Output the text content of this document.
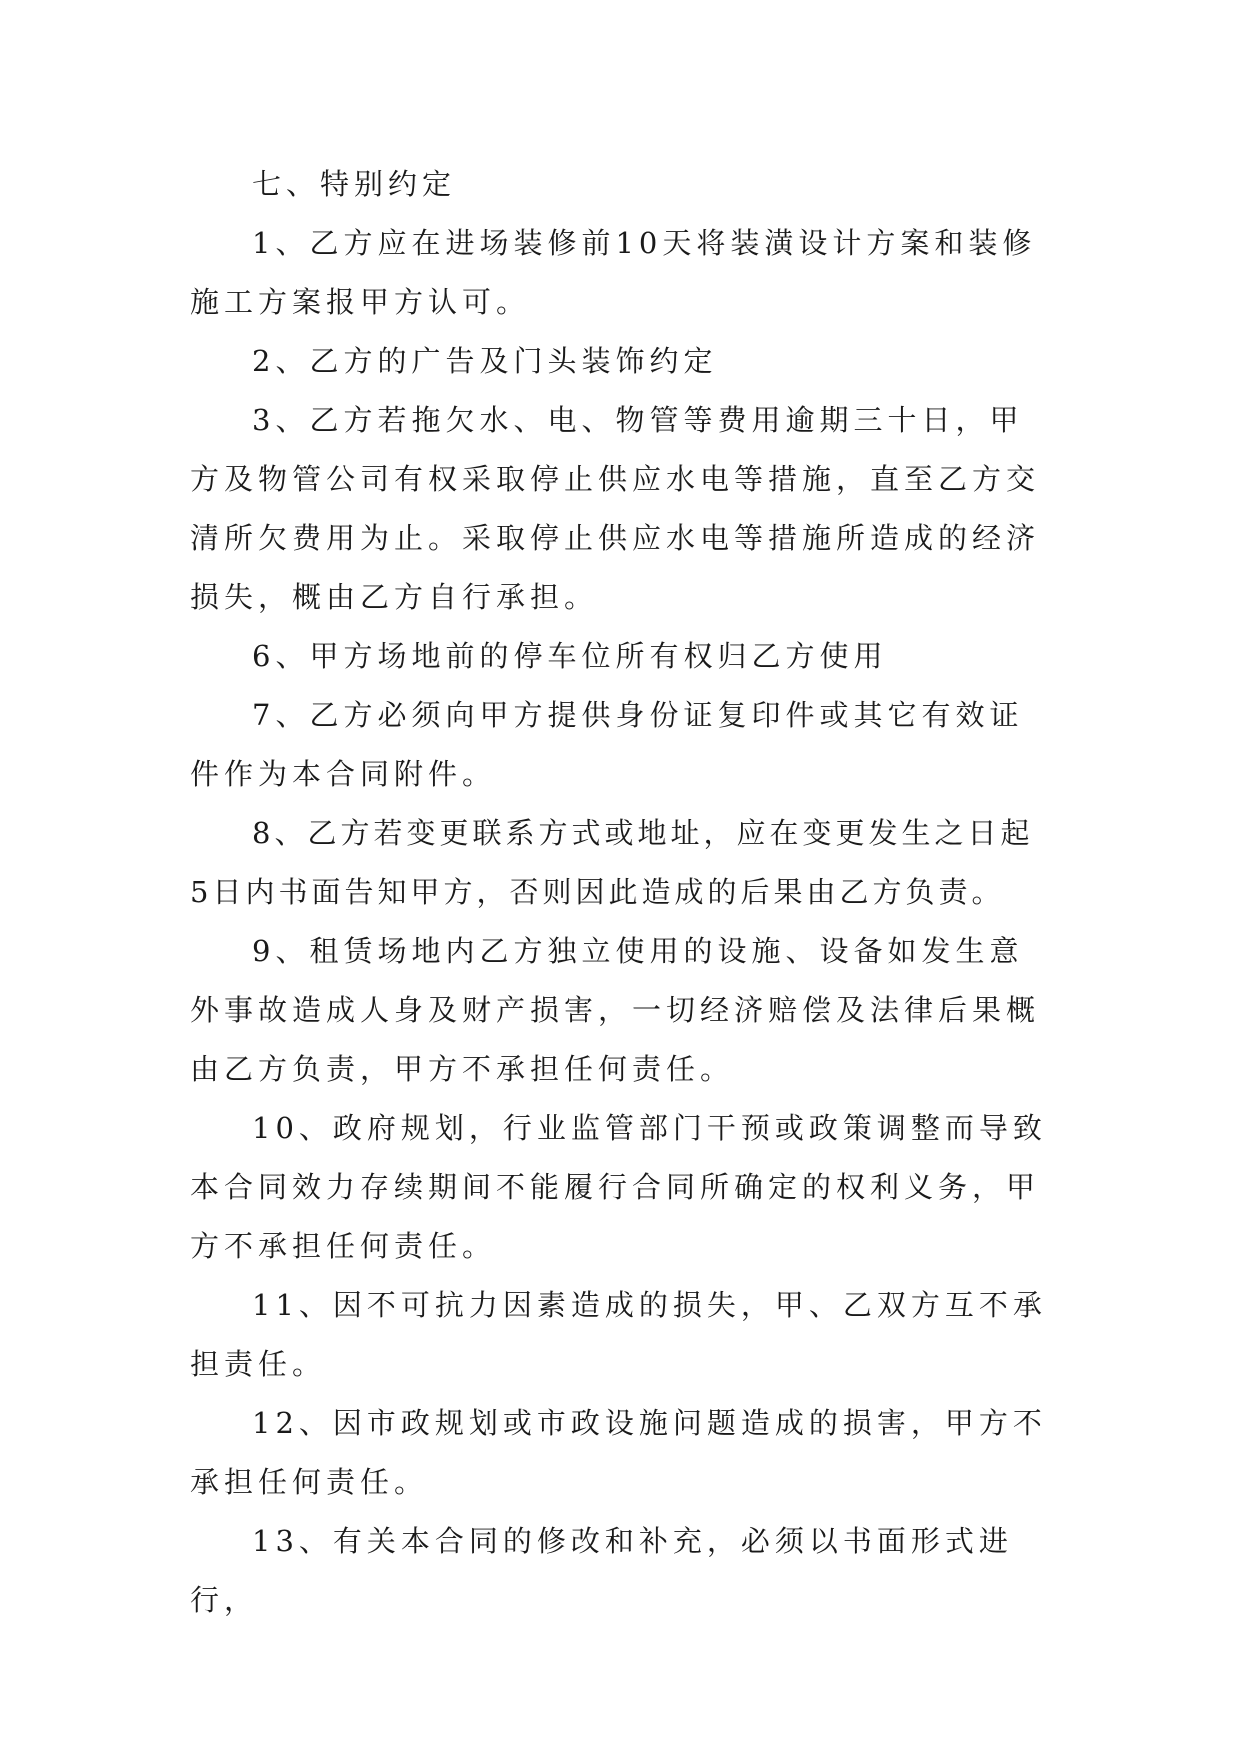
七、特别约定

1、乙方应在进场装修前10天将装潢设计方案和装修施工方案报甲方认可。

2、乙方的广告及门头装饰约定

3、乙方若拖欠水、电、物管等费用逾期三十日，甲方及物管公司有权采取停止供应水电等措施，直至乙方交清所欠费用为止。采取停止供应水电等措施所造成的经济损失，概由乙方自行承担。

6、甲方场地前的停车位所有权归乙方使用

7、乙方必须向甲方提供身份证复印件或其它有效证件作为本合同附件。

8、乙方若变更联系方式或地址，应在变更发生之日起5日内书面告知甲方，否则因此造成的后果由乙方负责。

9、租赁场地内乙方独立使用的设施、设备如发生意外事故造成人身及财产损害，一切经济赔偿及法律后果概由乙方负责，甲方不承担任何责任。

10、政府规划，行业监管部门干预或政策调整而导致本合同效力存续期间不能履行合同所确定的权利义务，甲方不承担任何责任。

11、因不可抗力因素造成的损失，甲、乙双方互不承担责任。

12、因市政规划或市政设施问题造成的损害，甲方不承担任何责任。

13、有关本合同的修改和补充，必须以书面形式进行，
